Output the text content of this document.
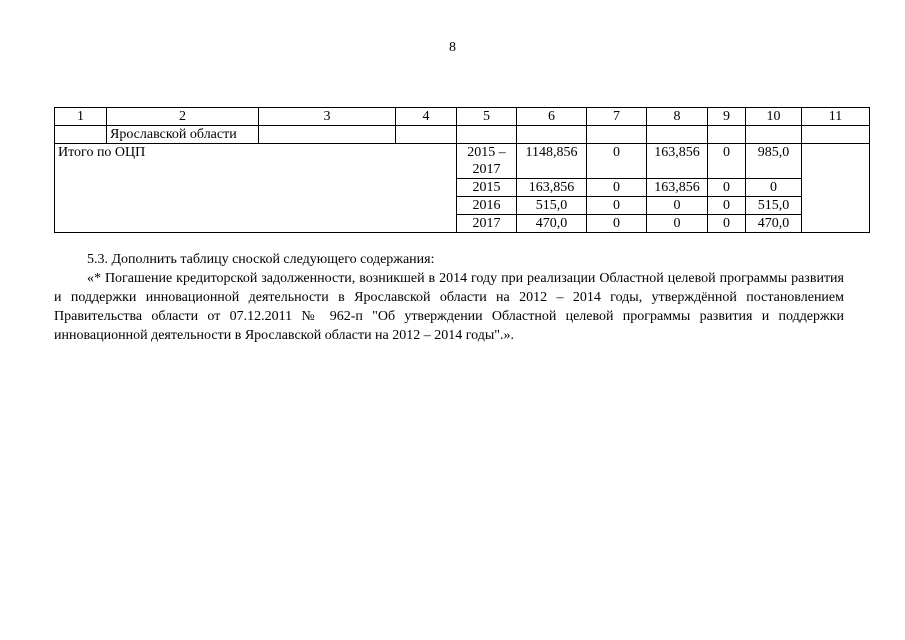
8
1	2	3	4	5	6	7	8	9	10	11
	Ярославской области									
Итого по ОЦП				2015 – 2017	1148,856	0	163,856	0	985,0	
				2015	163,856	0	163,856	0	0	
				2016	515,0	0	0	0	515,0	
				2017	470,0	0	0	0	470,0	

5.3. Дополнить таблицу сноской следующего содержания:

«* Погашение кредиторской задолженности, возникшей в 2014 году при реализации Областной целевой программы развития и поддержки инновационной деятельности в Ярославской области на 2012 – 2014 годы, утверждённой постановлением Правительства области от 07.12.2011 № 962-п "Об утверждении Областной целевой программы развития и поддержки инновационной деятельности в Ярославской области на 2012 – 2014 годы".».
